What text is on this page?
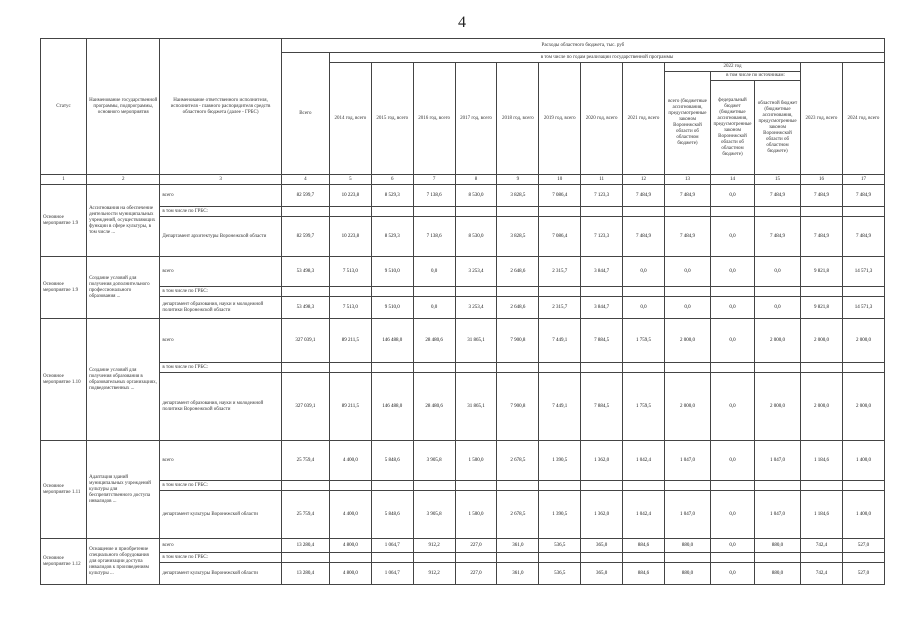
4
Статус	Наименование государственной программы, подпрограммы, основного мероприятия	Наименование ответственного исполнителя, исполнителя - главного распорядителя средств областного бюджета (далее - ГРБС)	Расходы областного бюджета, тыс. руб													
			Всего	в том числе по годам реализации государственной программы												
				2014 год, всего	2015 год, всего	2016 год, всего	2017 год, всего	2018 год, всего	2019 год, всего	2020 год, всего	2021 год, всего	2022 год			2023 год, всего	2024 год, всего
												всего (бюджетные ассигнования, предусмотренные законом Воронежской области об областном бюджете)	в том числе по источникам:			
													федеральный бюджет (бюджетные ассигнования, предусмотренные законом Воронежской области об областном бюджете)	областной бюджет (бюджетные ассигнования, предусмотренные законом Воронежской области об областном бюджете)		
1	2	3	4	5	6	7	8	9	10	11	12	13	14	15	16	17
Основное мероприятие 1.9	Ассигнования на обеспечение деятельности муниципальных учреждений, осуществляющих функции в сфере культуры, в том числе ...	всего	82 599,7	10 223,8	8 529,3	7 138,6	8 530,0	3 828,5	7 086,4	7 123,3	7 484,9	7 484,9	0,0	7 484,9	7 484,9	7 484,9
		в том числе по ГРБС:														
		Департамент архитектуры Воронежской области	82 599,7	10 223,8	8 529,3	7 138,6	8 530,0	3 828,5	7 086,4	7 123,3	7 484,9	7 484,9	0,0	7 484,9	7 484,9	7 484,9
Основное мероприятие 1.9	Создание условий для получения дополнительного профессионального образования ...	всего	53 498,3	7 513,0	9 510,0	0,0	3 253,4	2 648,6	2 315,7	3 844,7	0,0	0,0	0,0	0,0	9 821,8	14 571,3
		в том числе по ГРБС:														
		департамент образования, науки и молодежной политики Воронежской области	53 498,3	7 513,0	9 510,0	0,0	3 253,4	2 648,6	2 315,7	3 844,7	0,0	0,0	0,0	0,0	9 821,8	14 571,3
Основное мероприятие 1.10	Создание условий для получения образования в образовательных организациях, подведомственных ...	всего	327 039,1	89 211,5	146 488,0	28 480,6	31 865,1	7 900,8	7 449,1	7 884,5	1 759,5	2 000,0	0,0	2 000,0	2 000,0	2 000,0
		в том числе по ГРБС:														
		департамент образования, науки и молодежной политики Воронежской области	327 039,1	89 211,5	146 488,0	28 480,6	31 865,1	7 900,8	7 449,1	7 884,5	1 759,5	2 000,0	0,0	2 000,0	2 000,0	2 000,0
Основное мероприятие 1.11	Адаптация зданий муниципальных учреждений культуры для беспрепятственного доступа инвалидов ...	всего	25 759,4	4 400,0	5 848,6	3 905,8	1 500,0	2 678,5	1 390,5	1 362,0	1 042,4	1 047,0	0,0	1 047,0	1 184,6	1 400,0
		в том числе по ГРБС:														
		департамент культуры Воронежской области	25 759,4	4 400,0	5 848,6	3 905,8	1 500,0	2 678,5	1 390,5	1 362,0	1 042,4	1 047,0	0,0	1 047,0	1 184,6	1 400,0
Основное мероприятие 1.12	Оснащение и приобретение специального оборудования для организации доступа инвалидов к произведениям культуры ...	всего	13 280,4	4 800,0	1 064,7	912,2	227,0	361,0	536,5	365,0	884,6	880,0	0,0	880,0	742,4	527,0
		в том числе по ГРБС:														
		департамент культуры Воронежской области	13 280,4	4 800,0	1 064,7	912,2	227,0	361,0	536,5	365,0	884,6	880,0	0,0	880,0	742,4	527,0
